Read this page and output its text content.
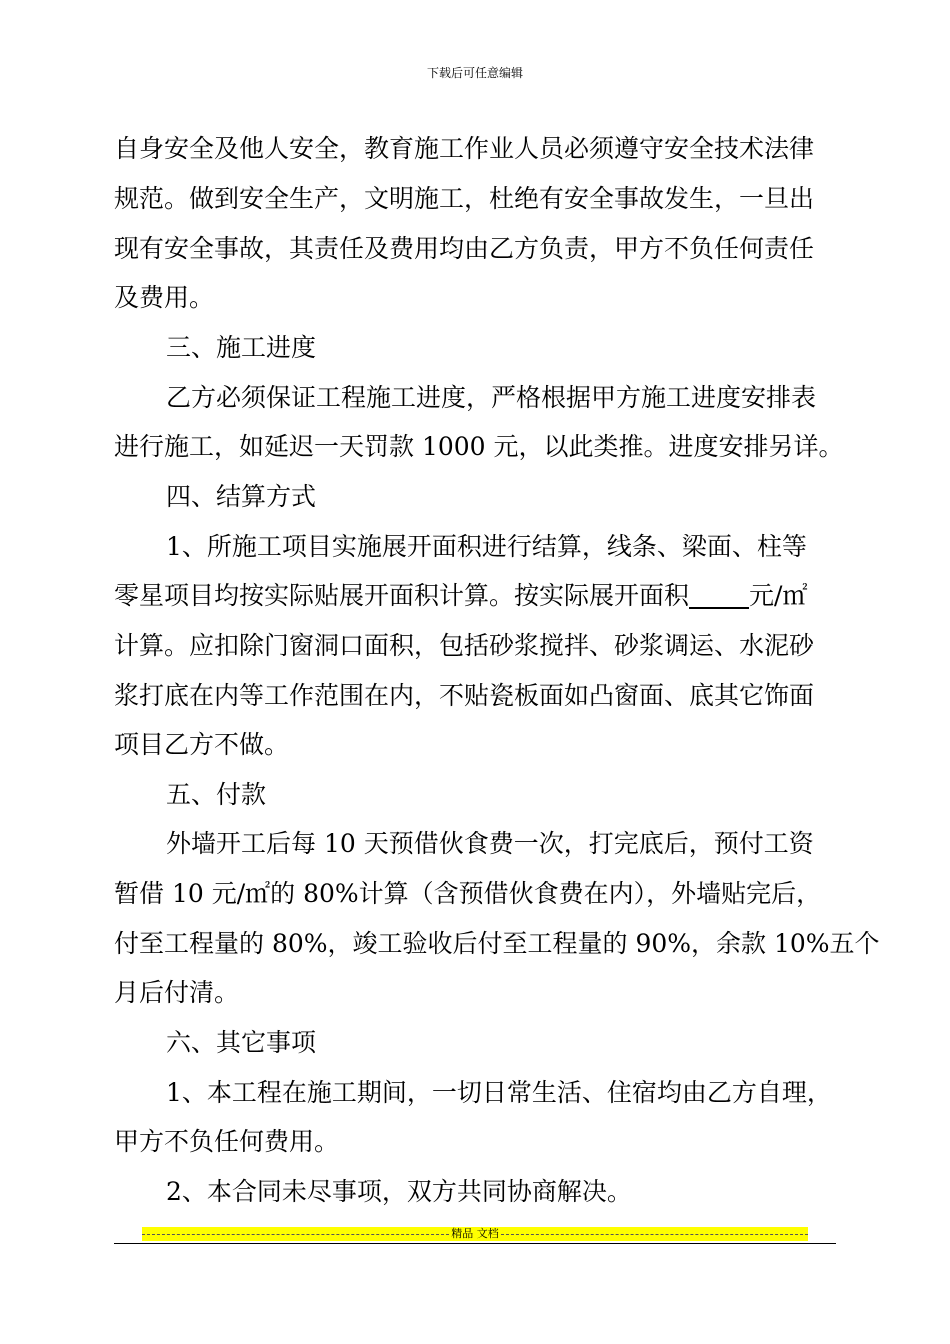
下载后可任意编辑
自身安全及他人安全，教育施工作业人员必须遵守安全技术法律
规范。做到安全生产，文明施工，杜绝有安全事故发生，一旦出
现有安全事故，其责任及费用均由乙方负责，甲方不负任何责任
及费用。
三、施工进度
乙方必须保证工程施工进度，严格根据甲方施工进度安排表
进行施工，如延迟一天罚款 1000 元，以此类推。进度安排另详。
四、结算方式
1、所施工项目实施展开面积进行结算，线条、梁面、柱等
零星项目均按实际贴展开面积计算。按实际展开面积 元/㎡
计算。应扣除门窗洞口面积，包括砂浆搅拌、砂浆调运、水泥砂
浆打底在内等工作范围在内，不贴瓷板面如凸窗面、底其它饰面
项目乙方不做。
五、付款
外墙开工后每 10 天预借伙食费一次，打完底后，预付工资
暂借 10 元/㎡的 80%计算（含预借伙食费在内），外墙贴完后，
付至工程量的 80%，竣工验收后付至工程量的 90%，余款 10%五个
月后付清。
六、其它事项
1、本工程在施工期间，一切日常生活、住宿均由乙方自理，
甲方不负任何费用。
2、本合同未尽事项，双方共同协商解决。
精品 文档
